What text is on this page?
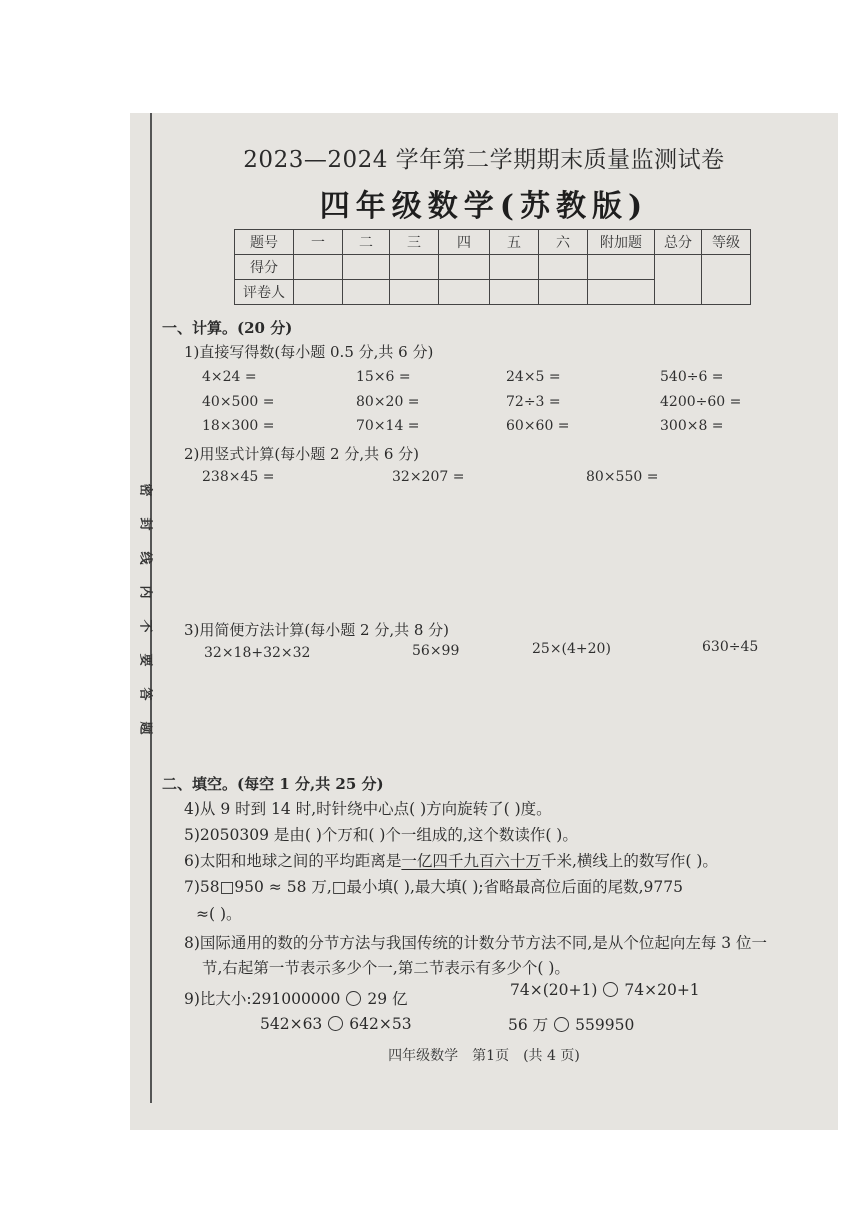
密
封
线
内
不
要
答
题
2023—2024 学年第二学期期末质量监测试卷
四年级数学(苏教版)
题号	一	二	三	四	五	六	附加题	总分	等级
得分									
评卷人									
一、计算。(20 分)
1)直接写得数(每小题 0.5 分,共 6 分)
4×24 =	15×6 =	24×5 =	540÷6 =
40×500 =	80×20 =	72÷3 =	4200÷60 =
18×300 =	70×14 =	60×60 =	300×8 =
2)用竖式计算(每小题 2 分,共 6 分)
238×45 =	32×207 =	80×550 =
3)用简便方法计算(每小题 2 分,共 8 分)
32×18+32×32	56×99	25×(4+20)	630÷45
二、填空。(每空 1 分,共 25 分)
4)从 9 时到 14 时,时针绕中心点( )方向旋转了( )度。
5)2050309 是由( )个万和( )个一组成的,这个数读作( )。
6)太阳和地球之间的平均距离是一亿四千九百六十万千米,横线上的数写作( )。
7)58□950 ≈ 58 万,□最小填( ),最大填( );省略最高位后面的尾数,9775
≈( )。
8)国际通用的数的分节方法与我国传统的计数分节方法不同,是从个位起向左每 3 位一
节,右起第一节表示多少个一,第二节表示有多少个( )。
9)比大小:291000000 29 亿	74×(20+1) 74×20+1
542×63 642×53	56 万 559950
四年级数学　第1页　(共 4 页)
